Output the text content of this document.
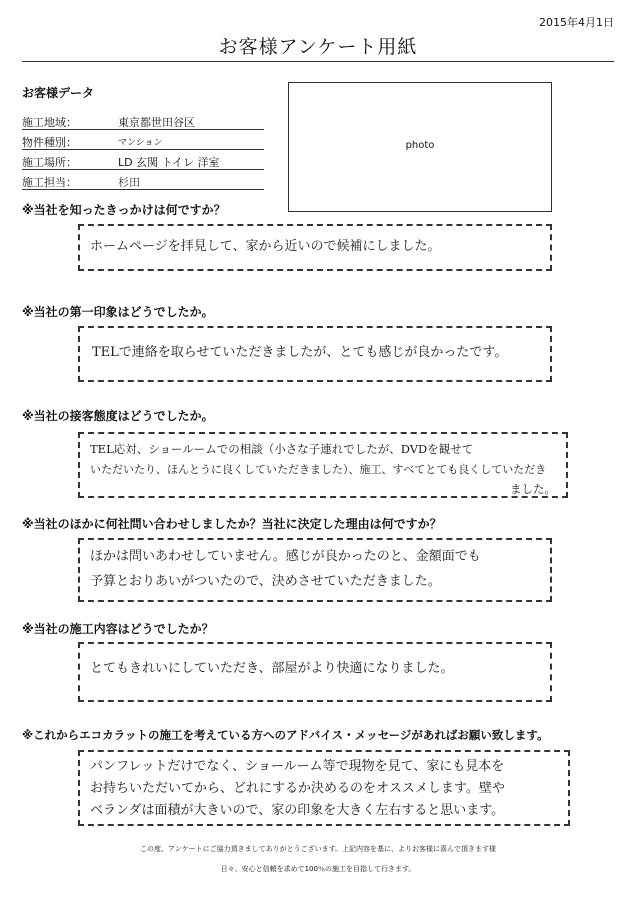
2015年4月1日
お客様アンケート用紙
お客様データ
施工地域：	東京都世田谷区
物件種別：	マンション
施工場所：	LD 玄関 トイレ 洋室
施工担当：	杉田
photo
※当社を知ったきっかけは何ですか？
ホームページを拝見して、家から近いので候補にしました。
※当社の第一印象はどうでしたか。
TELで連絡を取らせていただきましたが、とても感じが良かったです。
※当社の接客態度はどうでしたか。
TEL応対、ショールームでの相談（小さな子連れでしたが、DVDを観せて
いただいたり、ほんとうに良くしていただきました）、施工、すべてとても良くしていただき
ました。
※当社のほかに何社問い合わせしましたか？当社に決定した理由は何ですか？
ほかは問いあわせしていません。感じが良かったのと、金額面でも
予算とおりあいがついたので、決めさせていただきました。
※当社の施工内容はどうでしたか？
とてもきれいにしていただき、部屋がより快適になりました。
※これからエコカラットの施工を考えている方へのアドバイス・メッセージがあればお願い致します。
パンフレットだけでなく、ショールーム等で現物を見て、家にも見本を
お持ちいただいてから、どれにするか決めるのをオススメします。壁や
ベランダは面積が大きいので、家の印象を大きく左右すると思います。
この度、アンケートにご協力頂きましてありがとうございます。上記内容を基に、よりお客様に喜んで頂きます様
日々、安心と信頼を求めて100％の施工を目指して行きます。
